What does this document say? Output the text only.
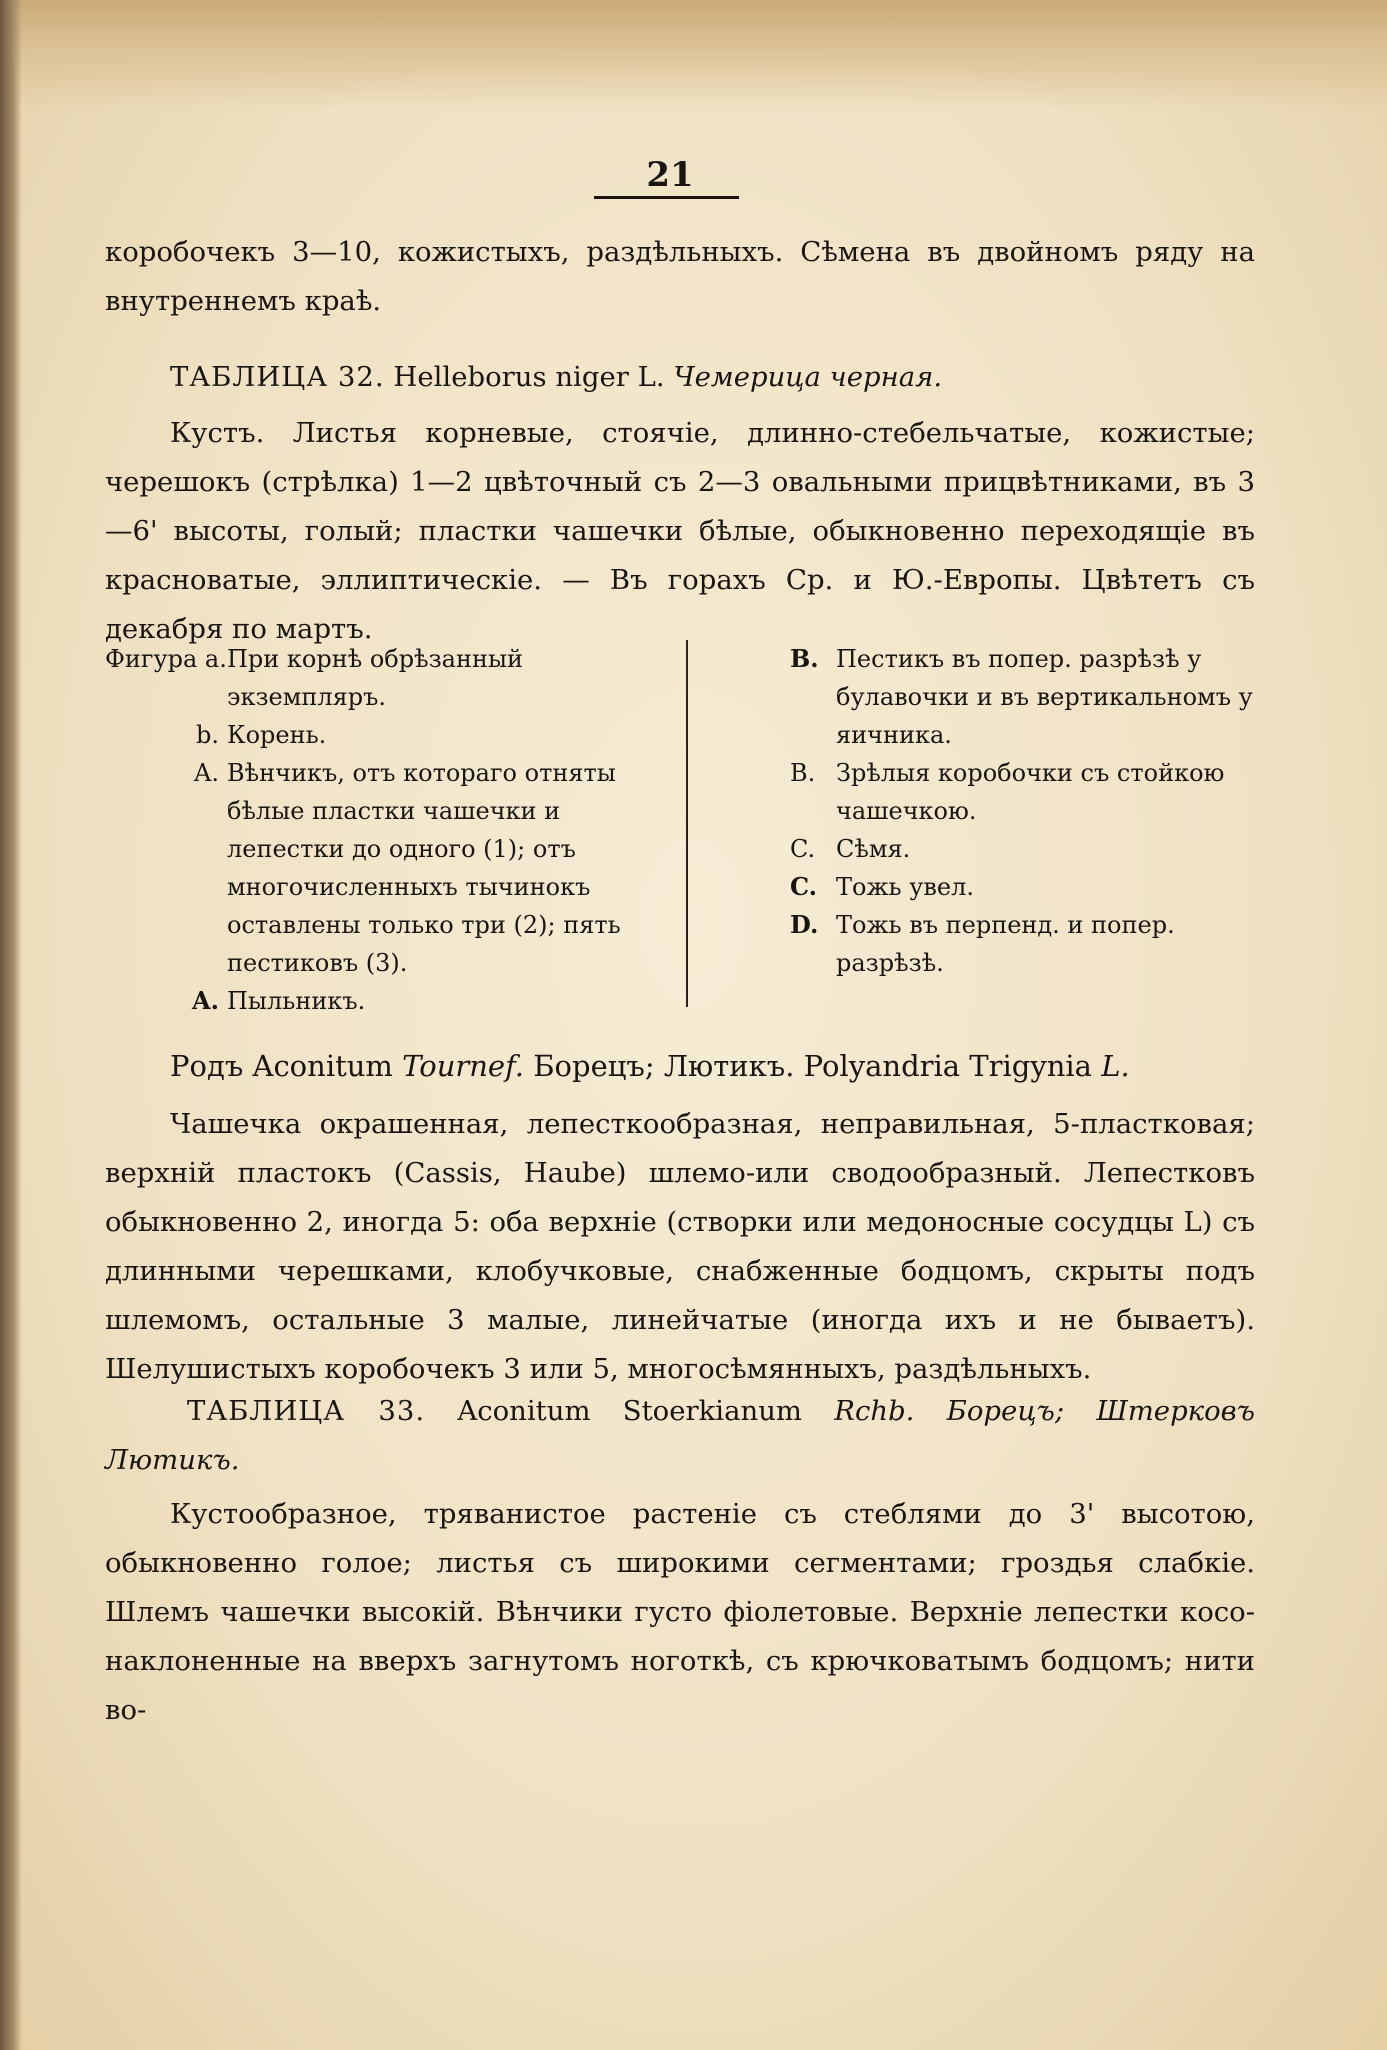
21
коробочекъ 3—10, кожистыхъ, раздѣльныхъ. Сѣмена въ двойномъ ряду на внутреннемъ краѣ.
ТАБЛИЦА 32. Helleborus niger L. Чемерица черная.
Кустъ. Листья корневые, стоячіе, длинно-стебельчатые, кожистые; черешокъ (стрѣлка) 1—2 цвѣточный съ 2—3 овальными прицвѣтниками, въ 3—6' высоты, голый; пластки чашечки бѣлые, обыкновенно переходящіе въ красноватые, эллиптическіе. — Въ горахъ Ср. и Ю.-Европы. Цвѣтетъ съ декабря по мартъ.
Фигура a. При корнѣ обрѣзанный экземпляръ.
b. Корень.
A. Вѣнчикъ, отъ котораго отняты бѣлые пластки чашечки и лепестки до одного (1); отъ многочисленныхъ тычинокъ оставлены только три (2); пять пестиковъ (3).
A. Пыльникъ.
B. Пестикъ въ попер. разрѣзѣ у булавочки и въ вертикальномъ у яичника.
B. Зрѣлыя коробочки съ стойкою чашечкою.
C. Сѣмя.
C. Тожь увел.
D. Тожь въ перпенд. и попер. разрѣзѣ.
Родъ Aconitum Tournef. Борецъ; Лютикъ. Polyandria Trigynia L.
Чашечка окрашенная, лепесткообразная, неправильная, 5-пластковая; верхній пластокъ (Cassis, Haube) шлемо-или сводообразный. Лепестковъ обыкновенно 2, иногда 5: оба верхніе (створки или медоносные сосудцы L) съ длинными черешками, клобучковые, снабженные бодцомъ, скрыты подъ шлемомъ, остальные 3 малые, линейчатые (иногда ихъ и не бываетъ). Шелушистыхъ коробочекъ 3 или 5, многосѣмянныхъ, раздѣльныхъ.
ТАБЛИЦА 33. Aconitum Stoerkianum Rchb. Борецъ; Штерковъ Лютикъ.
Кустообразное, тряванистое растеніе съ стеблями до 3' высотою, обыкновенно голое; листья съ широкими сегментами; гроздья слабкіе. Шлемъ чашечки высокій. Вѣнчики густо фіолетовые. Верхніе лепестки косо-наклоненные на вверхъ загнутомъ ноготкѣ, съ крючковатымъ бодцомъ; нити во-
